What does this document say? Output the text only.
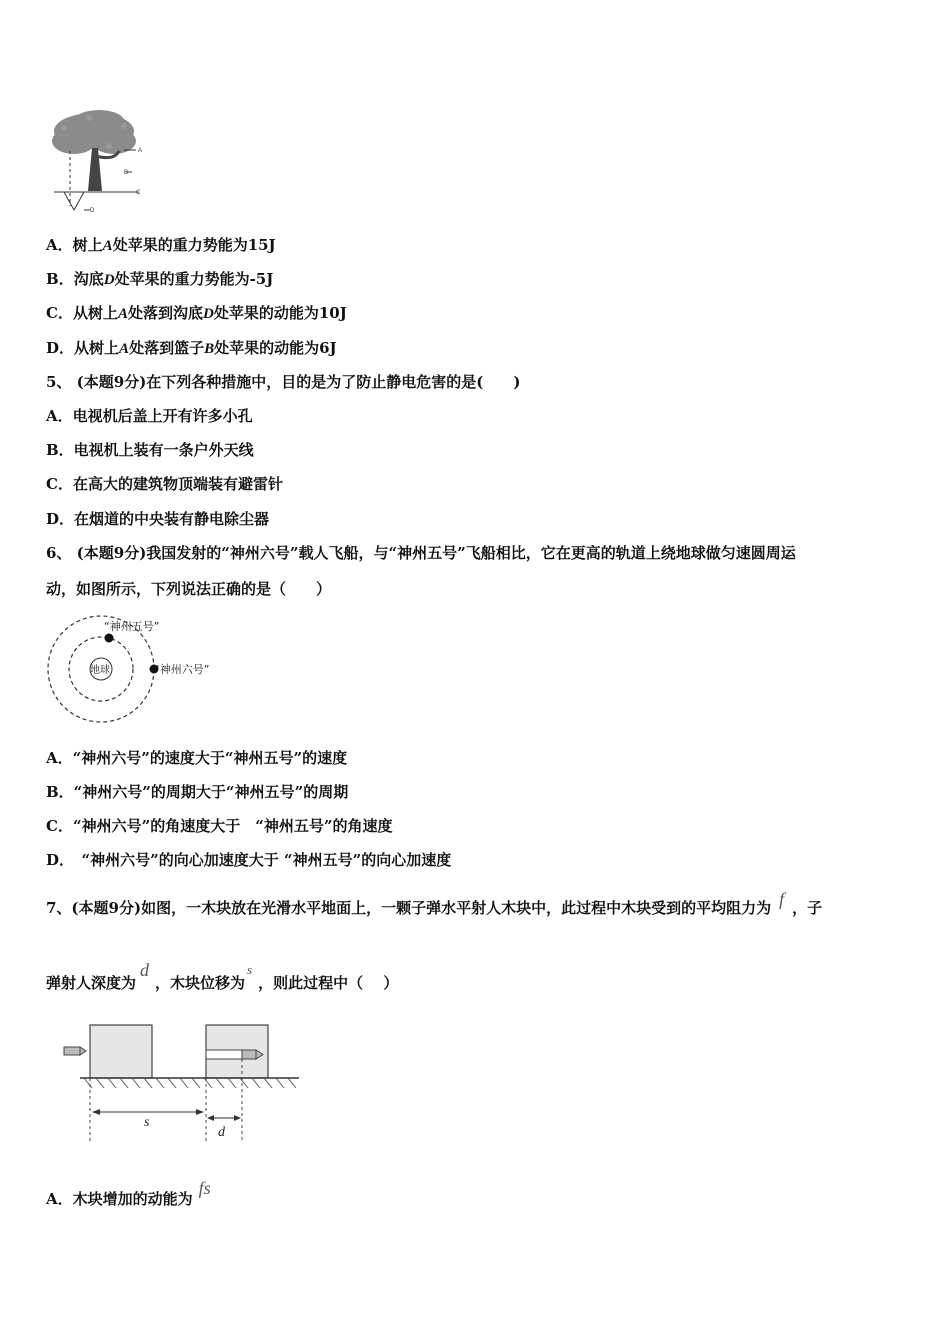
A
B
C
D
A．树上A处苹果的重力势能为15J
B．沟底D处苹果的重力势能为-5J
C．从树上A处落到沟底D处苹果的动能为10J
D．从树上A处落到篮子B处苹果的动能为6J
5、 (本题9分)在下列各种措施中，目的是为了防止静电危害的是(　　)
A．电视机后盖上开有许多小孔
B．电视机上装有一条户外天线
C．在高大的建筑物顶端装有避雷针
D．在烟道的中央装有静电除尘器
6、 (本题9分)我国发射的“神州六号”载人飞船，与“神州五号”飞船相比，它在更高的轨道上绕地球做匀速圆周运
动，如图所示，下列说法正确的是（　　）
地球
“神州五号”
“神州六号”
A．“神州六号”的速度大于“神州五号”的速度
B．“神州六号”的周期大于“神州五号”的周期
C．“神州六号”的角速度大于　“神州五号”的角速度
D．　“神州六号”的向心加速度大于 “神州五号”的向心加速度
7、(本题9分)如图，一木块放在光滑水平地面上，一颗子弹水平射人木块中，此过程中木块受到的平均阻力为 f ，子
弹射人深度为d，木块位移为s，则此过程中（　 ）
s
d
A．木块增加的动能为fs
